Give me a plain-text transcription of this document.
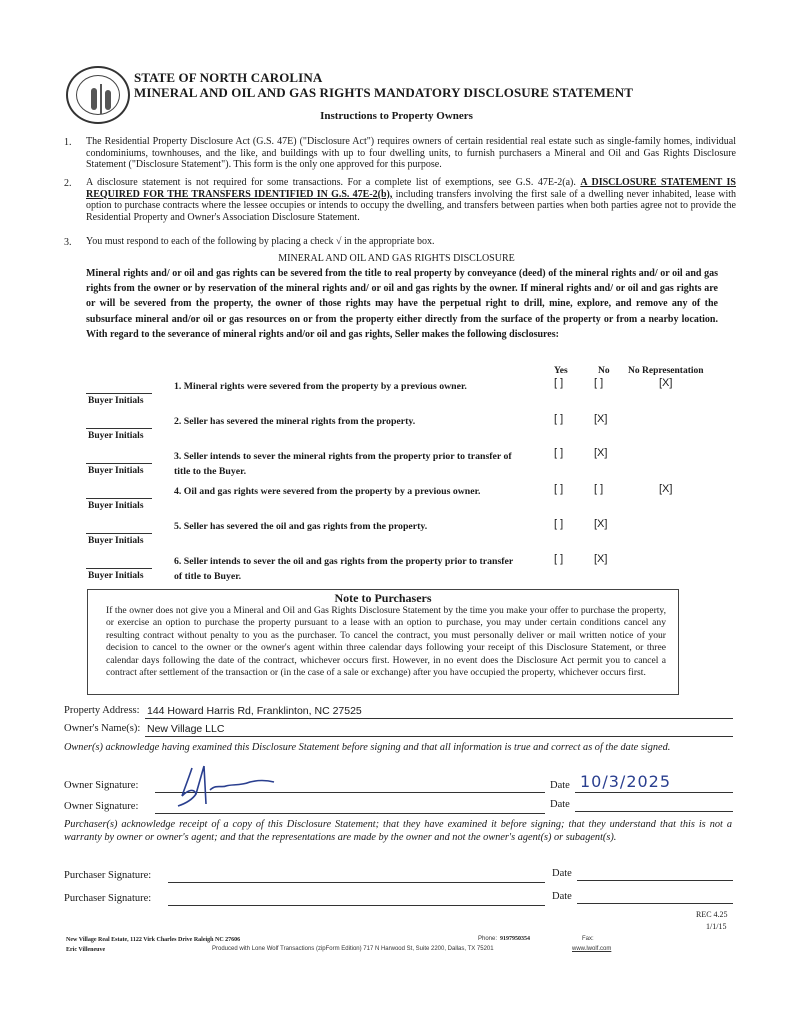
STATE OF NORTH CAROLINA
MINERAL AND OIL AND GAS RIGHTS MANDATORY DISCLOSURE STATEMENT
Instructions to Property Owners
1. The Residential Property Disclosure Act (G.S. 47E) ("Disclosure Act") requires owners of certain residential real estate such as single-family homes, individual condominiums, townhouses, and the like, and buildings with up to four dwelling units, to furnish purchasers a Mineral and Oil and Gas Rights Disclosure Statement ("Disclosure Statement"). This form is the only one approved for this purpose.
2. A disclosure statement is not required for some transactions. For a complete list of exemptions, see G.S. 47E-2(a). A DISCLOSURE STATEMENT IS REQUIRED FOR THE TRANSFERS IDENTIFIED IN G.S. 47E-2(b), including transfers involving the first sale of a dwelling never inhabited, lease with option to purchase contracts where the lessee occupies or intends to occupy the dwelling, and transfers between parties when both parties agree not to provide the Residential Property and Owner's Association Disclosure Statement.
3. You must respond to each of the following by placing a check √ in the appropriate box.
MINERAL AND OIL AND GAS RIGHTS DISCLOSURE
Mineral rights and/ or oil and gas rights can be severed from the title to real property by conveyance (deed) of the mineral rights and/ or oil and gas rights from the owner or by reservation of the mineral rights and/ or oil and gas rights by the owner. If mineral rights and/ or oil and gas rights are or will be severed from the property, the owner of those rights may have the perpetual right to drill, mine, explore, and remove any of the subsurface mineral and/or oil or gas resources on or from the property either directly from the surface of the property or from a nearby location. With regard to the severance of mineral rights and/or oil and gas rights, Seller makes the following disclosures:
Yes	No No Representation
1. Mineral rights were severed from the property by a previous owner.	[ ]	[ ]	[X]
Buyer Initials
2. Seller has severed the mineral rights from the property.	[ ]	[X]
Buyer Initials
3. Seller intends to sever the mineral rights from the property prior to transfer of title to the Buyer.
[ ]	[X]
Buyer Initials
4. Oil and gas rights were severed from the property by a previous owner.	[ ]	[ ]	[X]
Buyer Initials
5. Seller has severed the oil and gas rights from the property.	[ ]	[X]
Buyer Initials
6. Seller intends to sever the oil and gas rights from the property prior to transfer of title to Buyer.
[ ]	[X]
Buyer Initials
Note to Purchasers
If the owner does not give you a Mineral and Oil and Gas Rights Disclosure Statement by the time you make your offer to purchase the property, or exercise an option to purchase the property pursuant to a lease with an option to purchase, you may under certain conditions cancel any resulting contract without penalty to you as the purchaser. To cancel the contract, you must personally deliver or mail written notice of your decision to cancel to the owner or the owner's agent within three calendar days following your receipt of this Disclosure Statement, or three calendar days following the date of the contract, whichever occurs first. However, in no event does the Disclosure Act permit you to cancel a contract after settlement of the transaction or (in the case of a sale or exchange) after you have occupied the property, whichever occurs first.
Property Address: 144 Howard Harris Rd, Franklinton, NC 27525
Owner's Name(s): New Village LLC
Owner(s) acknowledge having examined this Disclosure Statement before signing and that all information is true and correct as of the date signed.
Owner Signature:	Date 10/3/2025
Owner Signature:	Date
Purchaser(s) acknowledge receipt of a copy of this Disclosure Statement; that they have examined it before signing; that they understand that this is not a warranty by owner or owner's agent; and that the representations are made by the owner and not the owner's agent(s) or subagent(s).
Purchaser Signature:	Date
Purchaser Signature:	Date
REC 4.25
1/1/15
New Village Real Estate, 1122 Virk Charles Drive Raleigh NC 27606
Eric Villeneuve
Phone: 9197950354	Fax:
Produced with Lone Wolf Transactions (zipForm Edition) 717 N Harwood St, Suite 2200, Dallas, TX 75201	www.lwolf.com
